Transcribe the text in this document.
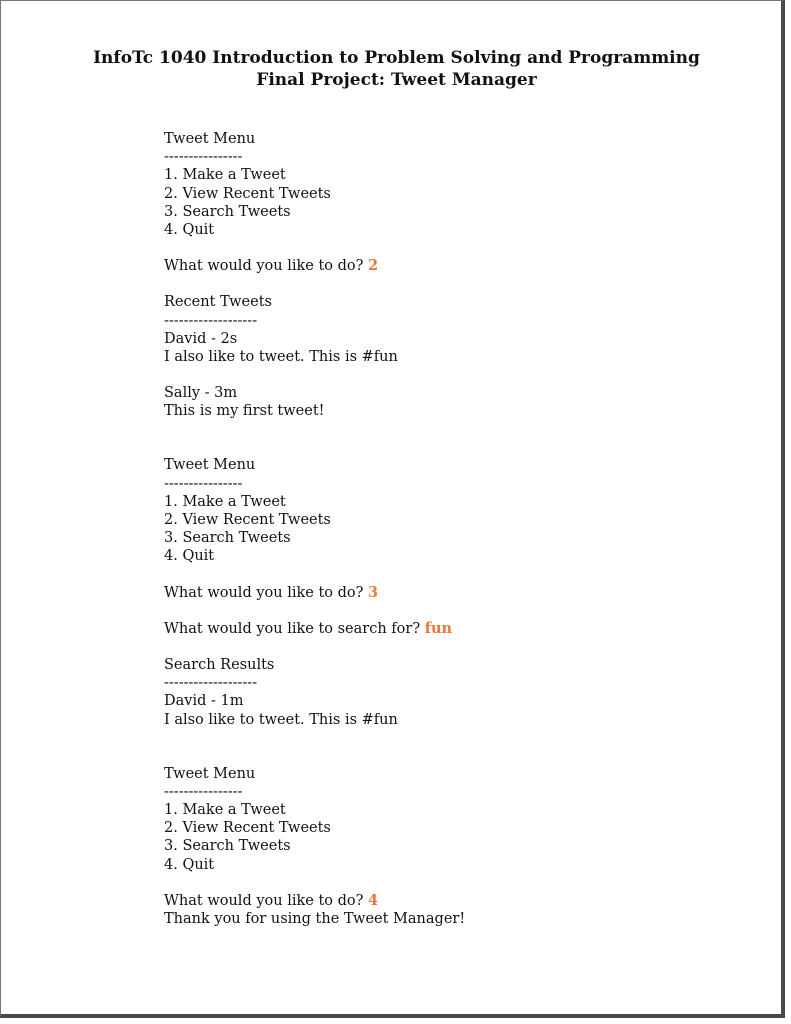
InfoTc 1040 Introduction to Problem Solving and Programming
Final Project: Tweet Manager
Tweet Menu
----------------
1. Make a Tweet
2. View Recent Tweets
3. Search Tweets
4. Quit
What would you like to do? 2
Recent Tweets
-------------------
David - 2s
I also like to tweet. This is #fun
Sally - 3m
This is my first tweet!
Tweet Menu
----------------
1. Make a Tweet
2. View Recent Tweets
3. Search Tweets
4. Quit
What would you like to do? 3
What would you like to search for? fun
Search Results
-------------------
David - 1m
I also like to tweet. This is #fun
Tweet Menu
----------------
1. Make a Tweet
2. View Recent Tweets
3. Search Tweets
4. Quit
What would you like to do? 4
Thank you for using the Tweet Manager!
